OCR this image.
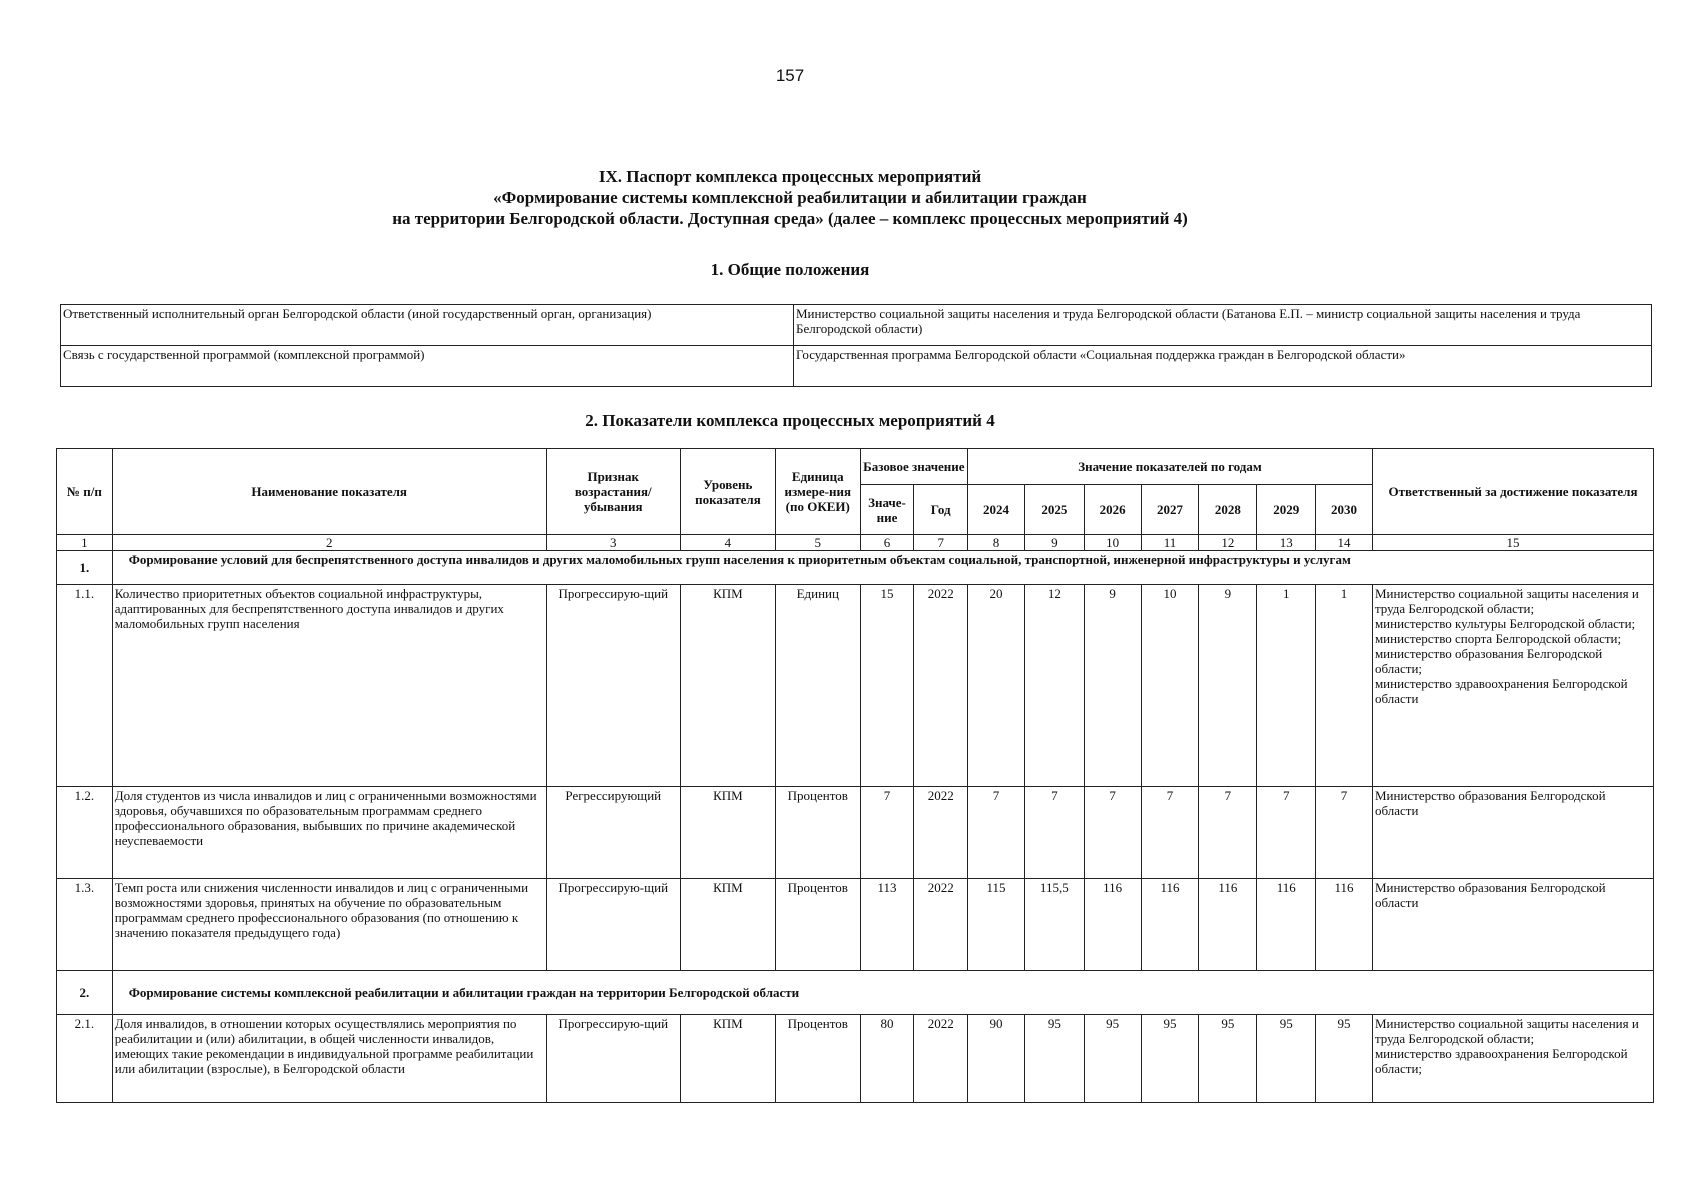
157
IX. Паспорт комплекса процессных мероприятий
«Формирование системы комплексной реабилитации и абилитации граждан
на территории Белгородской области. Доступная среда» (далее – комплекс процессных мероприятий 4)
1. Общие положения
Ответственный исполнительный орган Белгородской области (иной государственный орган, организация)	Министерство социальной защиты населения и труда Белгородской области (Батанова Е.П. – министр социальной защиты населения и труда Белгородской области)
Связь с государственной программой (комплексной программой)	Государственная программа Белгородской области «Социальная поддержка граждан в Белгородской области»
2. Показатели комплекса процессных мероприятий 4
№ п/п	Наименование показателя	Признак возрастания/ убывания	Уровень показателя	Единица измере-ния (по ОКЕИ)	Базовое значение		Значение показателей по годам							Ответственный за достижение показателя
					Значе-ние	Год	2024	2025	2026	2027	2028	2029	2030	
1	2	3	4	5	6	7	8	9	10	11	12	13	14	15
1.	Формирование условий для беспрепятственного доступа инвалидов и других маломобильных групп населения к приоритетным объектам социальной, транспортной, инженерной инфраструктуры и услугам													
1.1.	Количество приоритетных объектов социальной инфраструктуры, адаптированных для беспрепятственного доступа инвалидов и других маломобильных групп населения	Прогрессирую-щий	КПМ	Единиц	15	2022	20	12	9	10	9	1	1	Министерство социальной защиты населения и труда Белгородской области;
министерство культуры Белгородской области;
министерство спорта Белгородской области;
министерство образования Белгородской области;
министерство здравоохранения Белгородской области

1.2.	Доля студентов из числа инвалидов и лиц с ограниченными возможностями здоровья, обучавшихся по образовательным программам среднего профессионального образования, выбывших по причине академической неуспеваемости	Регрессирующий	КПМ	Процентов	7	2022	7	7	7	7	7	7	7	Министерство образования Белгородской области

1.3.	Темп роста или снижения численности инвалидов и лиц с ограниченными возможностями здоровья, принятых на обучение по образовательным программам среднего профессионального образования (по отношению к значению показателя предыдущего года)	Прогрессирую-щий	КПМ	Процентов	113	2022	115	115,5	116	116	116	116	116	Министерство образования Белгородской области

2.	Формирование системы комплексной реабилитации и абилитации граждан на территории Белгородской области													
2.1.	Доля инвалидов, в отношении которых осуществлялись мероприятия по реабилитации и (или) абилитации, в общей численности инвалидов, имеющих такие рекомендации в индивидуальной программе реабилитации или абилитации (взрослые), в Белгородской области	Прогрессирую-щий	КПМ	Процентов	80	2022	90	95	95	95	95	95	95	Министерство социальной защиты населения и труда Белгородской области;
министерство здравоохранения Белгородской области;
